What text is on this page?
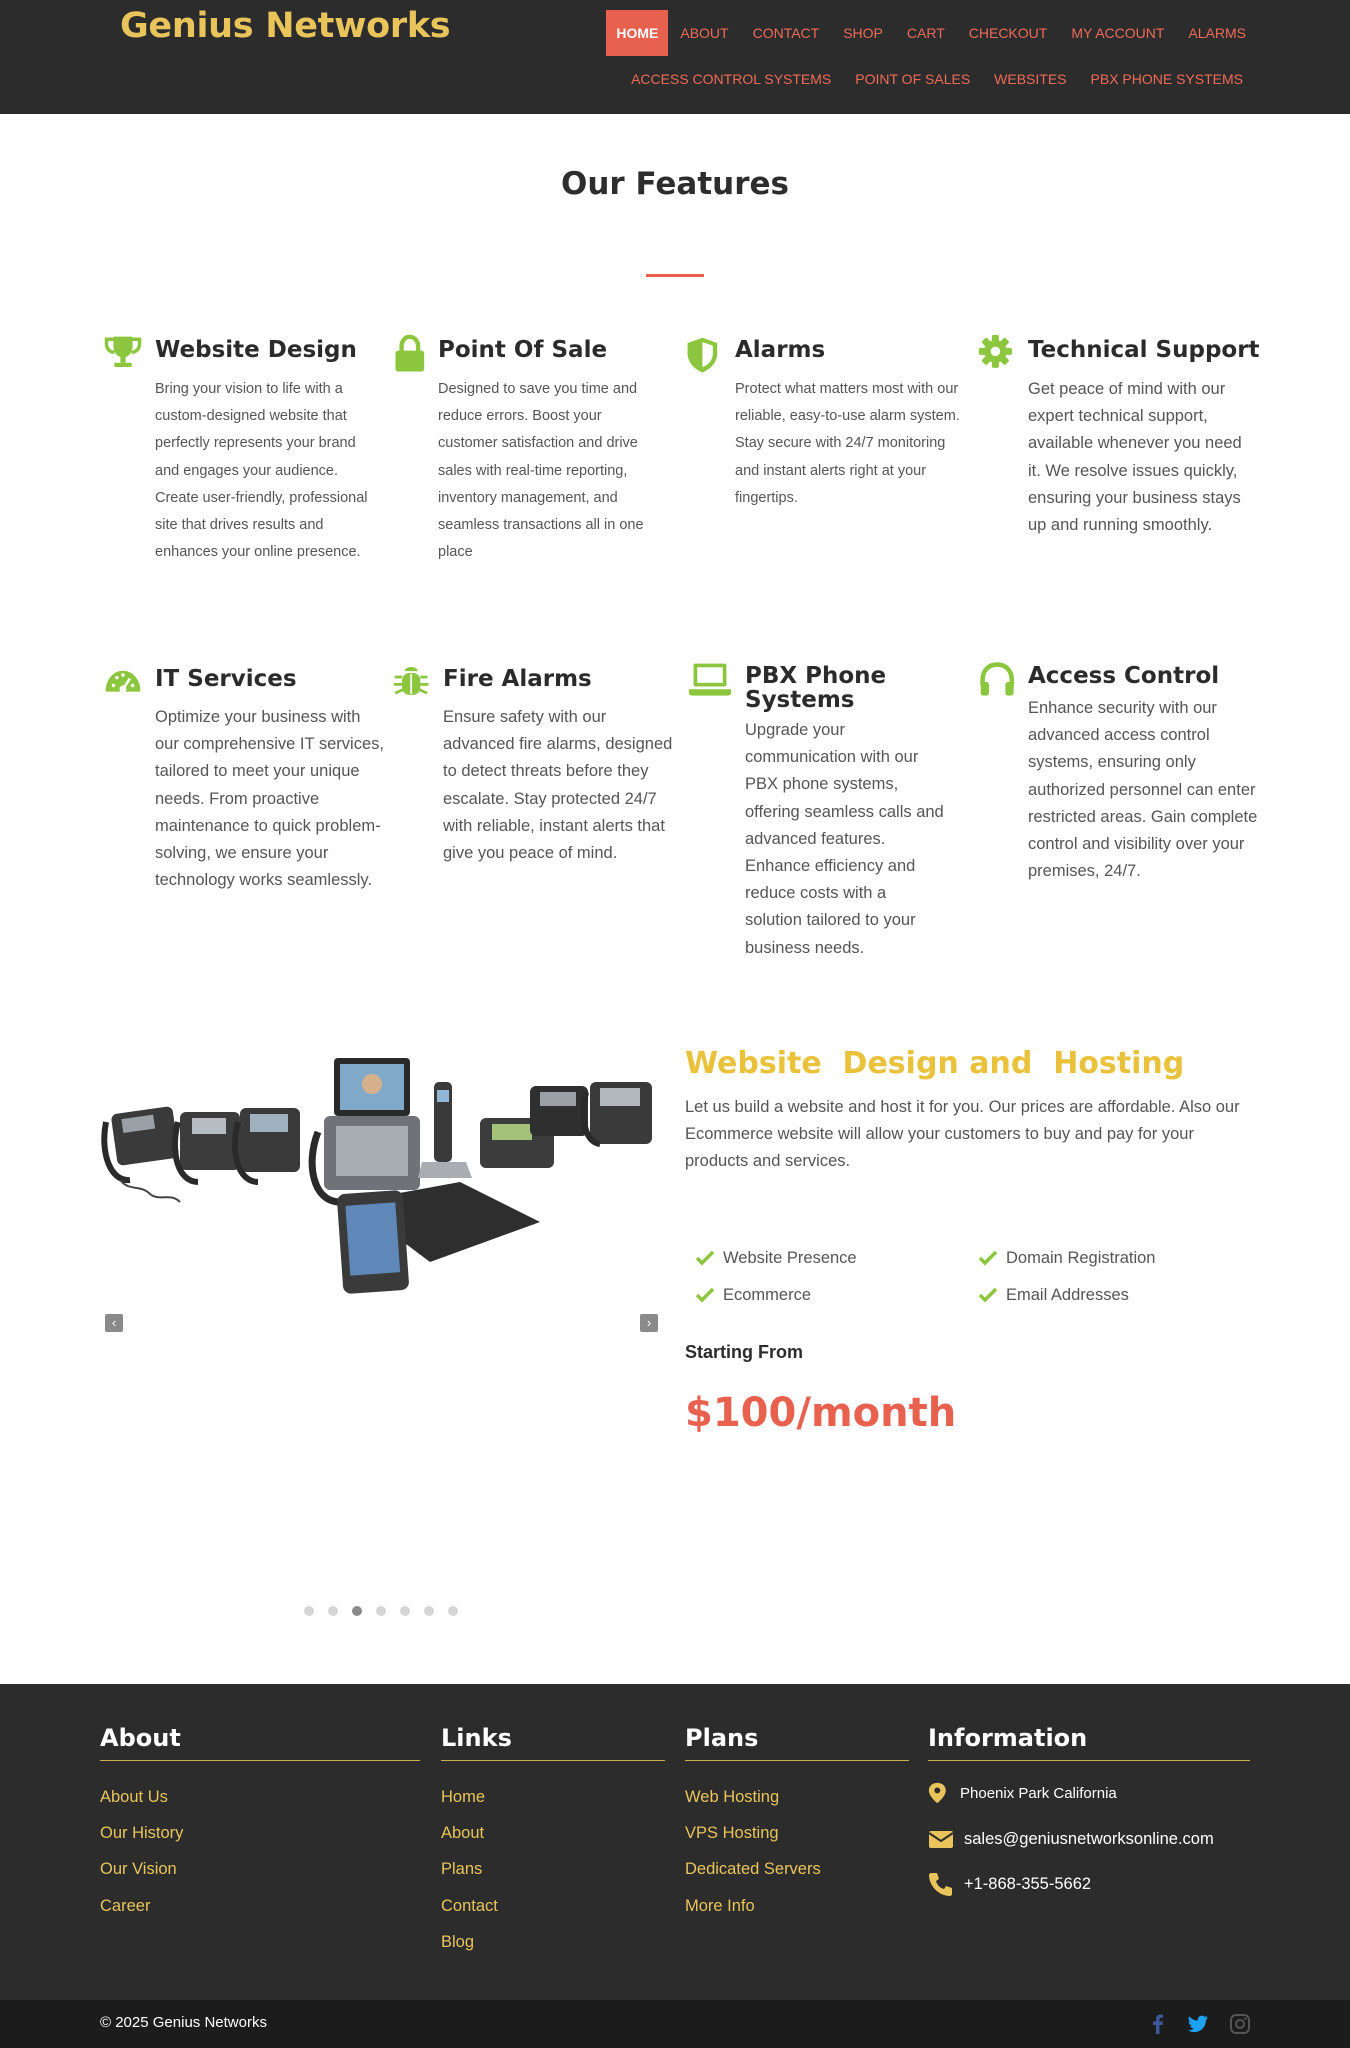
Genius Networks	HOME	ABOUT	CONTACT	SHOP	CART	CHECKOUT	MY ACCOUNT	ALARMS
ACCESS CONTROL SYSTEMS	POINT OF SALES	WEBSITES	PBX PHONE SYSTEMS
Our Features
Website Design

Bring your vision to life with a custom-designed website that perfectly represents your brand and engages your audience.
Create user-friendly, professional site that drives results and enhances your online presence.

Point Of Sale

Designed to save you time and reduce errors. Boost your customer satisfaction and drive sales with real-time reporting, inventory management, and seamless transactions all in one place

Alarms

Protect what matters most with our reliable, easy-to-use alarm system. Stay secure with 24/7 monitoring and instant alerts right at your fingertips.

Technical Support

Get peace of mind with our expert technical support, available whenever you need it. We resolve issues quickly, ensuring your business stays up and running smoothly.

IT Services

Optimize your business with our comprehensive IT services, tailored to meet your unique needs. From proactive maintenance to quick problem-solving, we ensure your technology works seamlessly.

Fire Alarms

Ensure safety with our advanced fire alarms, designed to detect threats before they escalate. Stay protected 24/7 with reliable, instant alerts that give you peace of mind.

PBX Phone Systems

Upgrade your communication with our PBX phone systems, offering seamless calls and advanced features. Enhance efficiency and reduce costs with a solution tailored to your business needs.

Access Control

Enhance security with our advanced access control systems, ensuring only authorized personnel can enter restricted areas. Gain complete control and visibility over your premises, 24/7.

‹	›
Website  Design and  Hosting
Let us build a website and host it for you. Our prices are affordable. Also our Ecommerce website will allow your customers to buy and pay for your products and services.
Website Presence	Domain Registration
Ecommerce	Email Addresses
Starting From
$100/month
About
About Us
Our History
Our Vision
Career
Links
Home
About
Plans
Contact
Blog
Plans
Web Hosting
VPS Hosting
Dedicated Servers
More Info
Information
Phoenix Park California
sales@geniusnetworksonline.com
+1-868-355-5662
© 2025 Genius Networks
